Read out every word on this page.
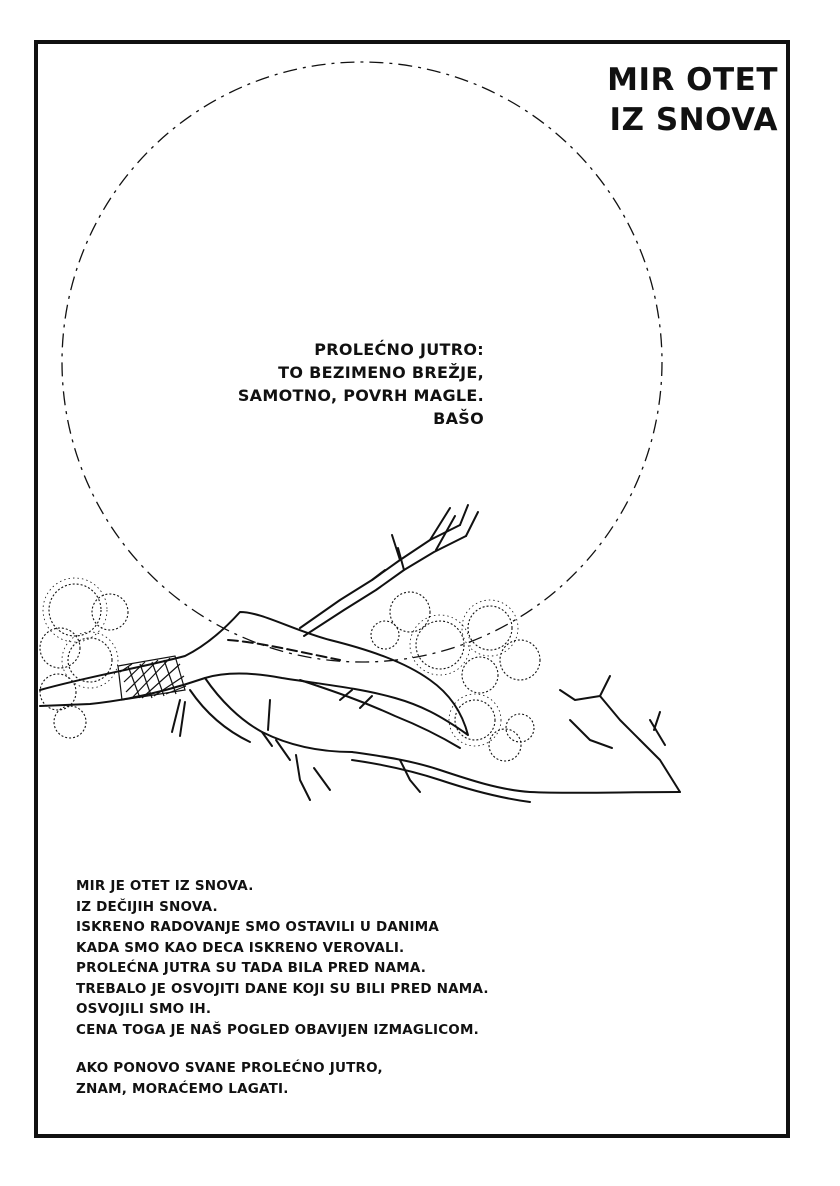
MIR OTET
IZ SNOVA
PROLEĆNO JUTRO:
TO BEZIMENO BREŽJE,
SAMOTNO, POVRH MAGLE.
BAŠO
MIR JE OTET IZ SNOVA.
IZ DEČIJIH SNOVA.
ISKRENO RADOVANJE SMO OSTAVILI U DANIMA
KADA SMO KAO DECA ISKRENO VEROVALI.
PROLEĆNA JUTRA SU TADA BILA PRED NAMA.
TREBALO JE OSVOJITI DANE KOJI SU BILI PRED NAMA.
OSVOJILI SMO IH.
CENA TOGA JE NAŠ POGLED OBAVIJEN IZMAGLICOM.
AKO PONOVO SVANE PROLEĆNO JUTRO,
ZNAM, MORAĆEMO LAGATI.
